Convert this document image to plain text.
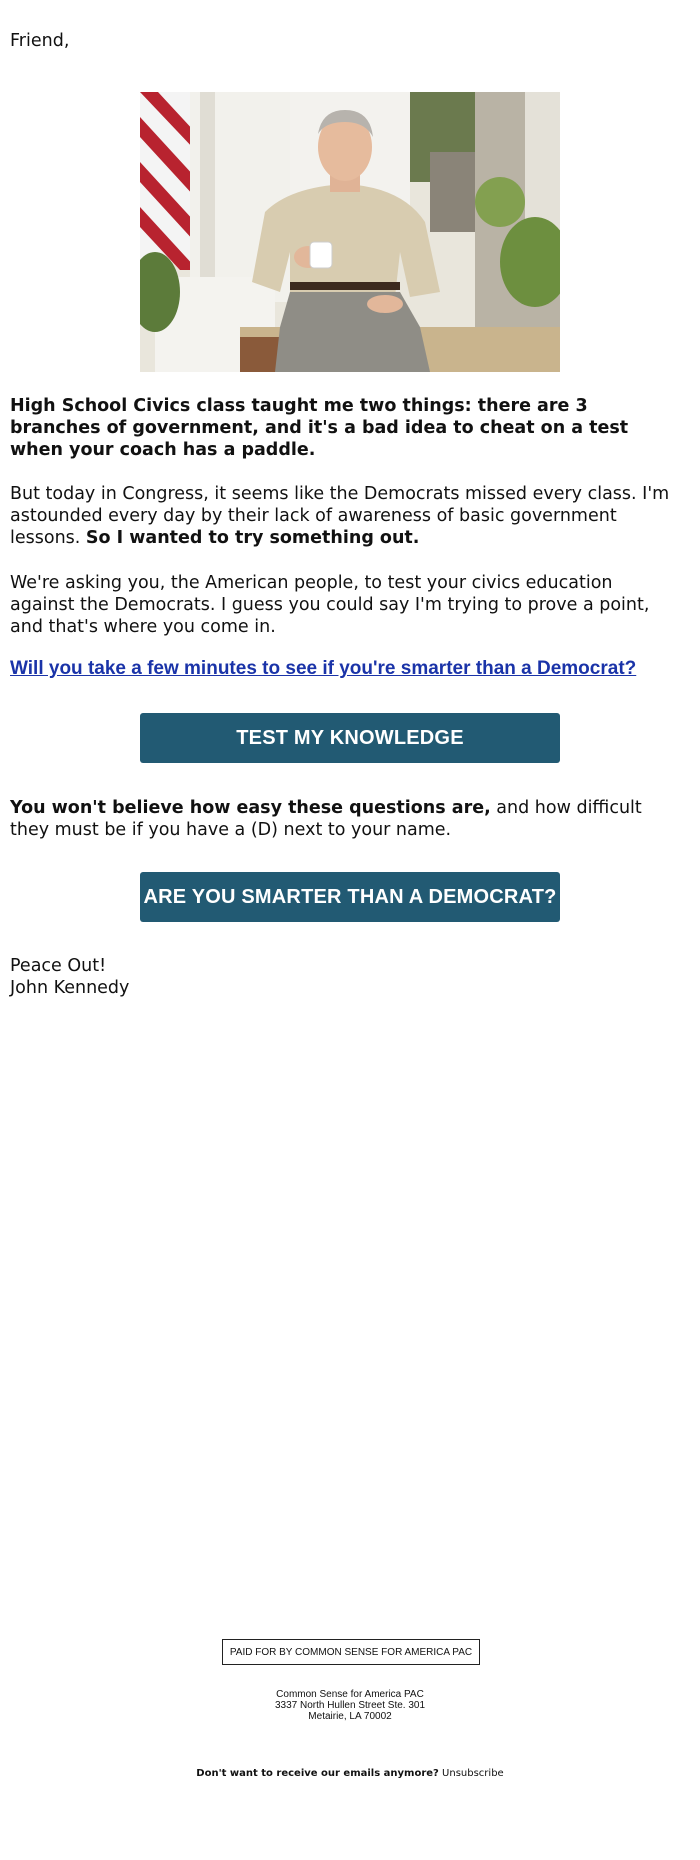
Friend,

High School Civics class taught me two things: there are 3 branches of government, and it's a bad idea to cheat on a test when your coach has a paddle.

But today in Congress, it seems like the Democrats missed every class. I'm astounded every day by their lack of awareness of basic government lessons. So I wanted to try something out.

We're asking you, the American people, to test your civics education against the Democrats. I guess you could say I'm trying to prove a point, and that's where you come in.

Will you take a few minutes to see if you're smarter than a Democrat?
TEST MY KNOWLEDGE

You won't believe how easy these questions are, and how difficult they must be if you have a (D) next to your name.

ARE YOU SMARTER THAN A DEMOCRAT?

Peace Out!

John Kennedy

PAID FOR BY COMMON SENSE FOR AMERICA PAC
Common Sense for America PAC
3337 North Hullen Street Ste. 301
Metairie, LA 70002
Don't want to receive our emails anymore? Unsubscribe
